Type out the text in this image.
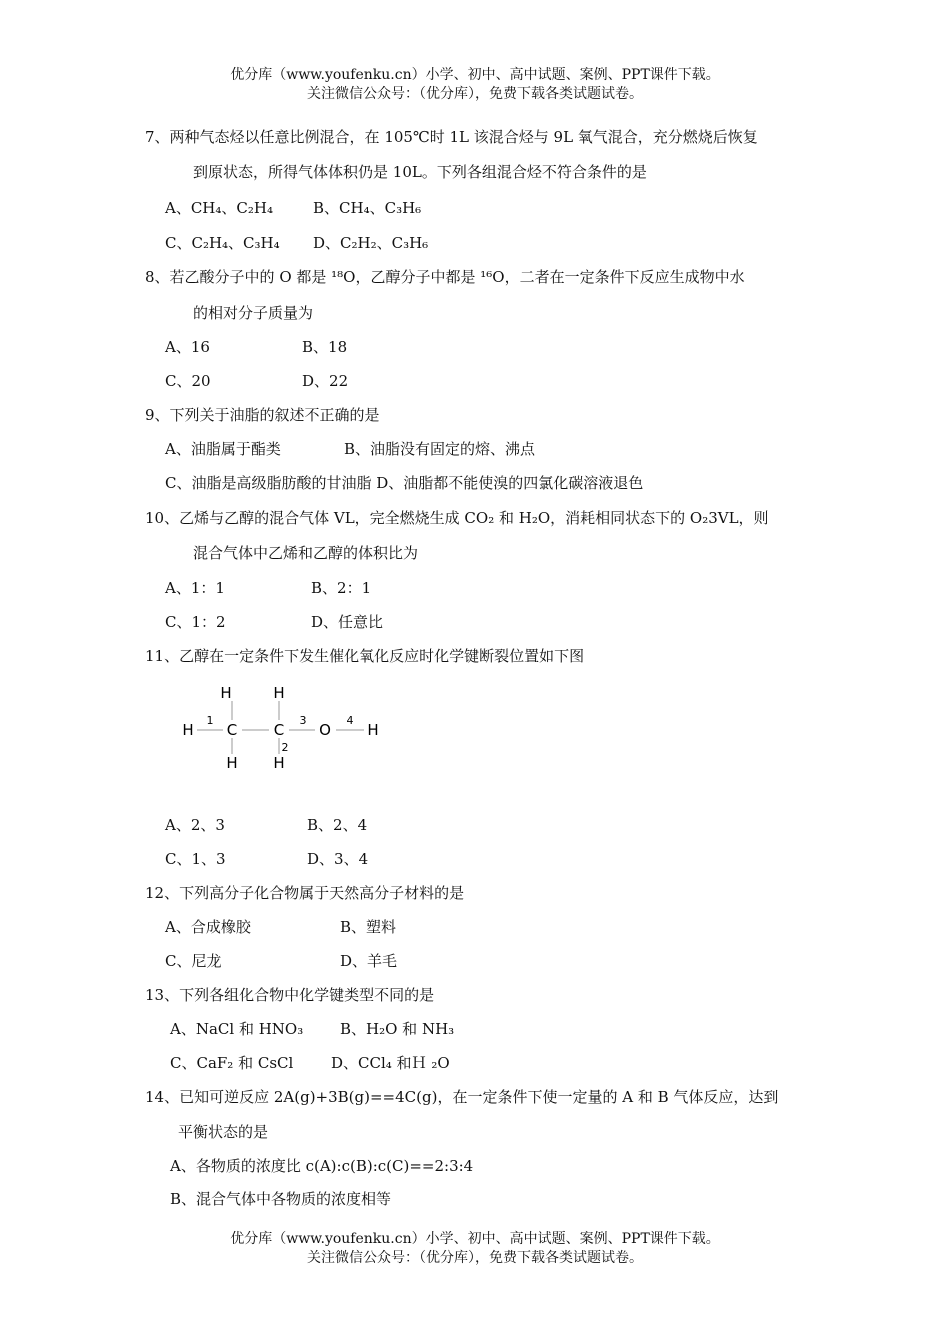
优分库（www.youfenku.cn）小学、初中、高中试题、案例、PPT课件下载。
关注微信公众号：（优分库），免费下载各类试题试卷。
7、两种气态烃以任意比例混合，在 105℃时 1L 该混合烃与 9L 氧气混合，充分燃烧后恢复
到原状态，所得气体体积仍是 10L。下列各组混合烃不符合条件的是
A、CH₄、C₂H₄	B、CH₄、C₃H₆
C、C₂H₄、C₃H₄ D、C₂H₂、C₃H₆
8、若乙酸分子中的 O 都是 ¹⁸O，乙醇分子中都是 ¹⁶O，二者在一定条件下反应生成物中水
的相对分子质量为
A、16	B、18
C、20	D、22
9、下列关于油脂的叙述不正确的是
A、油脂属于酯类	B、油脂没有固定的熔、沸点
C、油脂是高级脂肪酸的甘油脂 D、油脂都不能使溴的四氯化碳溶液退色
10、乙烯与乙醇的混合气体 VL，完全燃烧生成 CO₂ 和 H₂O，消耗相同状态下的 O₂3VL，则
混合气体中乙烯和乙醇的体积比为
A、1：1	B、2：1
C、1：2	D、任意比
11、乙醇在一定条件下发生催化氧化反应时化学键断裂位置如下图
H	H
H C C O H
H H
1
2
3	4
A、2、3	B、2、4
C、1、3	D、3、4
12、下列高分子化合物属于天然高分子材料的是
A、合成橡胶	B、塑料
C、尼龙	D、羊毛
13、下列各组化合物中化学键类型不同的是
A、NaCl 和 HNO₃ B、H₂O 和 NH₃
C、CaF₂ 和 CsCl	D、CCl₄ 和Ｈ ₂O
14、已知可逆反应 2A(g)+3B(g)==4C(g)，在一定条件下使一定量的 A 和 B 气体反应，达到
平衡状态的是
A、各物质的浓度比 c(A):c(B):c(C)==2:3:4
B、混合气体中各物质的浓度相等
优分库（www.youfenku.cn）小学、初中、高中试题、案例、PPT课件下载。
关注微信公众号：（优分库），免费下载各类试题试卷。
